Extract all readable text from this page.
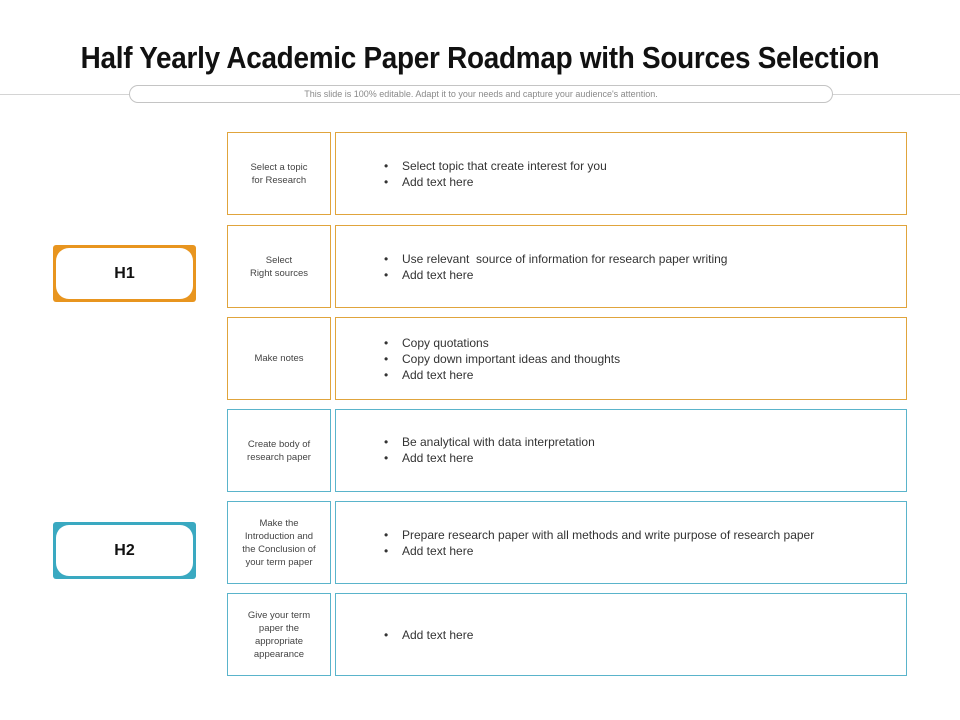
Half Yearly Academic Paper Roadmap with Sources Selection
This slide is 100% editable. Adapt it to your needs and capture your audience's attention.
H1
H2
Select a topic
for Research
• Select topic that create interest for you
• Add text here
Select
Right sources
• Use relevant  source of information for research paper writing
• Add text here
Make notes
• Copy quotations
• Copy down important ideas and thoughts
• Add text here
Create body of
research paper
• Be analytical with data interpretation
• Add text here
Make the
Introduction and
the Conclusion of
your term paper
• Prepare research paper with all methods and write purpose of research paper
• Add text here
Give your term
paper the
appropriate
appearance
• Add text here
